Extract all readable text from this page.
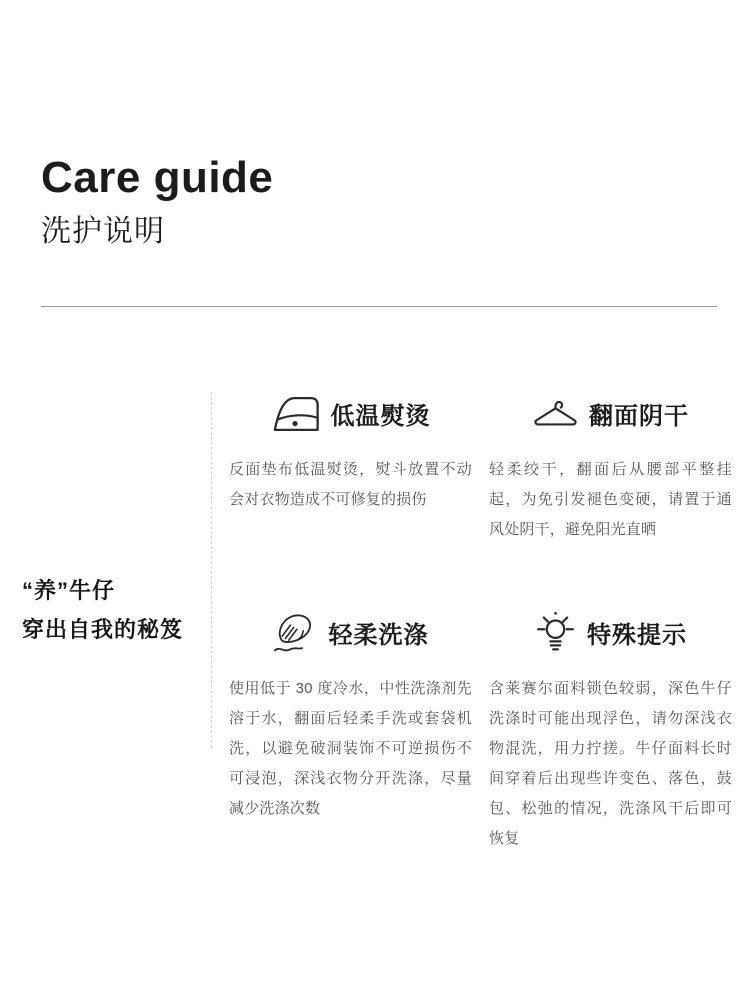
Care guide
洗护说明
“养”牛仔
穿出自我的秘笈
低温熨烫
反面垫布低温熨烫，熨斗放置不动会对衣物造成不可修复的损伤
翻面阴干
轻柔绞干，翻面后从腰部平整挂起，为免引发褪色变硬，请置于通风处阴干，避免阳光直晒
轻柔洗涤
使用低于 30 度冷水，中性洗涤剂先溶于水，翻面后轻柔手洗或套袋机洗，以避免破洞装饰不可逆损伤不可浸泡，深浅衣物分开洗涤，尽量减少洗涤次数
特殊提示
含莱赛尔面料锁色较弱，深色牛仔洗涤时可能出现浮色，请勿深浅衣物混洗，用力拧搓。牛仔面料长时间穿着后出现些许变色、落色，鼓包、松弛的情况，洗涤风干后即可恢复
